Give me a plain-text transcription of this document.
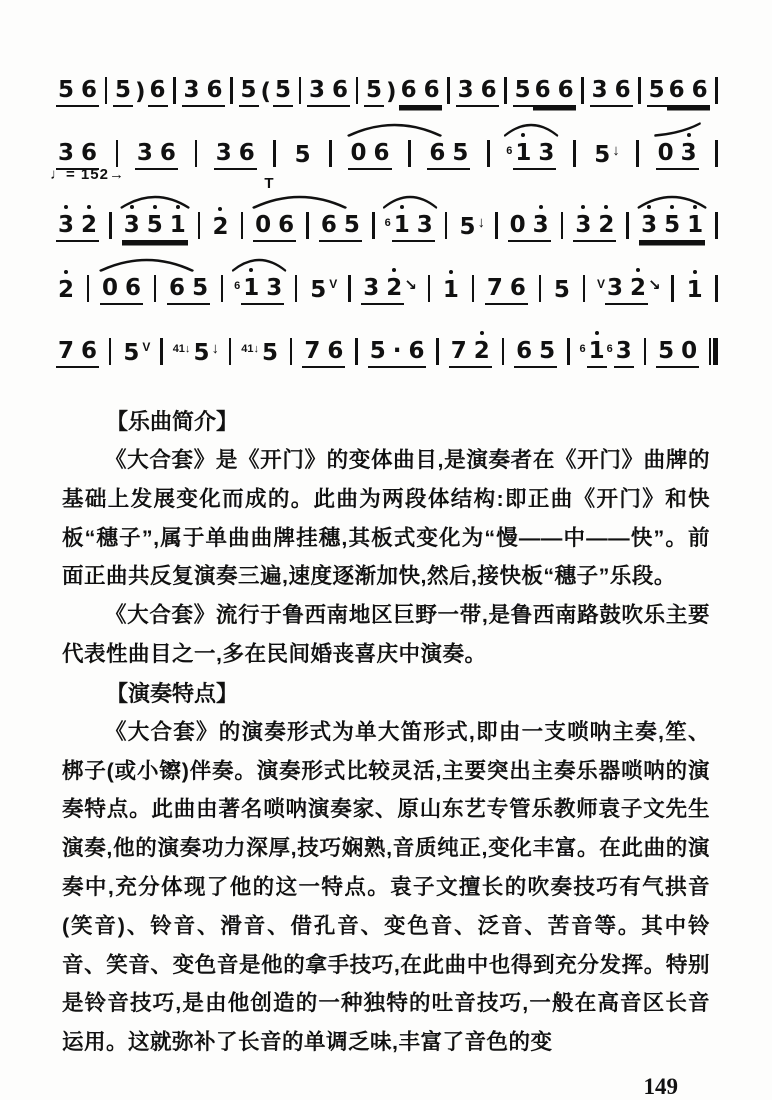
5 6 5 ) 6 3 6 5 ( 5 3 6 5 ) 6 6 3 6 5 6 6 3 6 5 6 6
3 6 3 6 3 6 5 0 6 6 5	6 1 3 5 ↓ 0 3
♩= 152→
3 2 3 5 1 2 0 6
T
6 5 6 1 3 5 ↓ 0 3 3 2 3 5 1
2 0 6 6 5 6 1 3 5 V 3 2 ↘ 1 7 6 5 V 3 2 ↘ 1
7 6 5 V 41↓ 5 ↓ 41↓ 5 7 6 5 · 6 7 2 6 5 6 1 6 3 5 0
【乐曲简介】

《大合套》是《开门》的变体曲目,是演奏者在《开门》曲牌的基础上发展变化而成的。此曲为两段体结构:即正曲《开门》和快板“穗子”,属于单曲曲牌挂穗,其板式变化为“慢——中——快”。前面正曲共反复演奏三遍,速度逐渐加快,然后,接快板“穗子”乐段。

《大合套》流行于鲁西南地区巨野一带,是鲁西南路鼓吹乐主要代表性曲目之一,多在民间婚丧喜庆中演奏。

【演奏特点】

《大合套》的演奏形式为单大笛形式,即由一支唢呐主奏,笙、梆子(或小镲)伴奏。演奏形式比较灵活,主要突出主奏乐器唢呐的演奏特点。此曲由著名唢呐演奏家、原山东艺专管乐教师袁子文先生演奏,他的演奏功力深厚,技巧娴熟,音质纯正,变化丰富。在此曲的演奏中,充分体现了他的这一特点。袁子文擅长的吹奏技巧有气拱音(笑音)、铃音、滑音、借孔音、变色音、泛音、苦音等。其中铃音、笑音、变色音是他的拿手技巧,在此曲中也得到充分发挥。特别是铃音技巧,是由他创造的一种独特的吐音技巧,一般在高音区长音运用。这就弥补了长音的单调乏味,丰富了音色的变

149
